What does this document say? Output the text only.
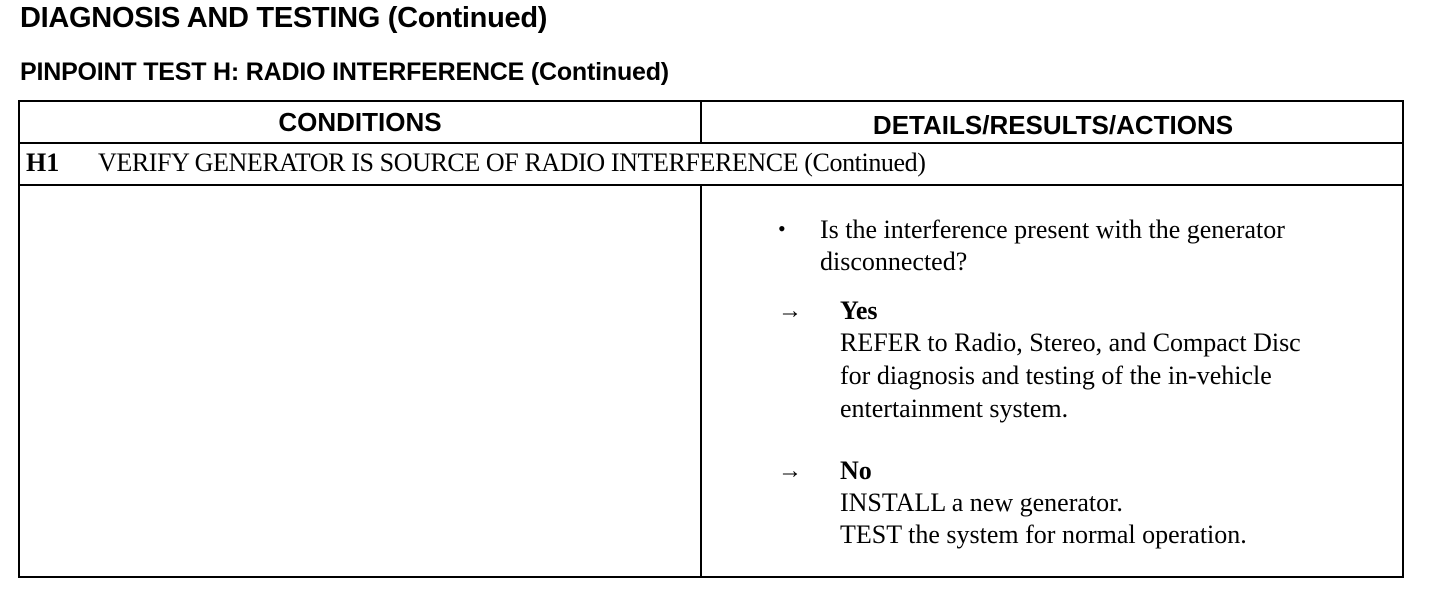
DIAGNOSIS AND TESTING (Continued)
PINPOINT TEST H: RADIO INTERFERENCE (Continued)
CONDITIONS	DETAILS/RESULTS/ACTIONS
H1 VERIFY GENERATOR IS SOURCE OF RADIO INTERFERENCE (Continued)
• Is the interference present with the generator disconnected?
→ Yes
REFER to Radio, Stereo, and Compact Disc
for diagnosis and testing of the in-vehicle
entertainment system.
→ No
INSTALL a new generator.
TEST the system for normal operation.
